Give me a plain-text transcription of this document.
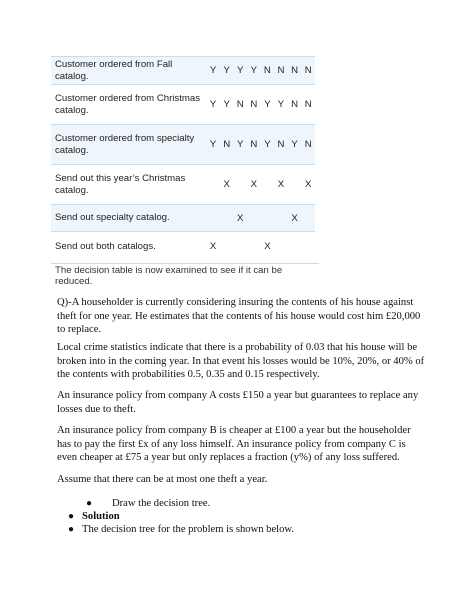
Customer ordered from Fall catalog.	Y	Y	Y	Y	N	N	N	N
Customer ordered from Christmas catalog.	Y	Y	N	N	Y	Y	N	N
Customer ordered from specialty catalog.	Y	N	Y	N	Y	N	Y	N
Send out this year’s Christmas catalog.		X		X		X		X
Send out specialty catalog.			X				X	
Send out both catalogs.	X				X			
The decision table is now examined to see if it can be reduced.

Q)-A householder is currently considering insuring the contents of his house against theft for one year. He estimates that the contents of his house would cost him £20,000 to replace.

Local crime statistics indicate that there is a probability of 0.03 that his house will be broken into in the coming year. In that event his losses would be 10%, 20%, or 40% of the contents with probabilities 0.5, 0.35 and 0.15 respectively.

An insurance policy from company A costs £150 a year but guarantees to replace any losses due to theft.

An insurance policy from company B is cheaper at £100 a year but the householder has to pay the first £x of any loss himself. An insurance policy from company C is even cheaper at £75 a year but only replaces a fraction (y%) of any loss suffered.

Assume that there can be at most one theft a year.

● Draw the decision tree.
● Solution
● The decision tree for the problem is shown below.
